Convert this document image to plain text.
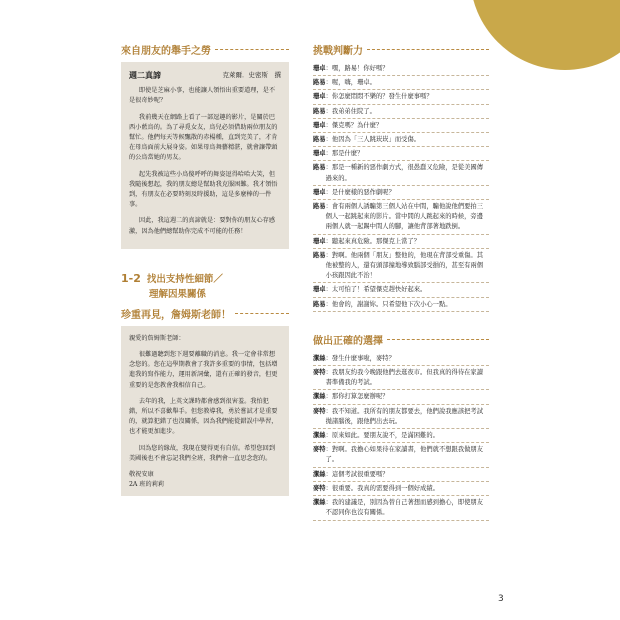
來自朋友的舉手之勞
週二真諦	克萊爾．史密斯　撰

即使是芝麻小事，也能讓人領悟出重要道理，是不是很奇妙呢？

我前幾天在網路上看了一部逗趣的影片，是關於巴西小藍鳥的。為了尋覓女友，鳥兒必須借助兩位朋友的幫忙。他們每天等候飄散的赤楊種，直到完美了，才肯在母鳥面前大展身姿。如果母鳥舞藝精湛，就會讓帶頭的公鳥當她的男友。

起先我被這些小鳥傻呼呼的舞姿逗得哈哈大笑，但我隨後想起，我的朋友總是幫助我克服困難。我才領悟到，有朋友在必要時刻及時援助，這是多麼棒的一件事。

因此，我這週二的真諦就是：要對你的朋友心存感激，因為他們總幫助你完成不可能的任務！

1-2 找出支持性細節／
理解因果關係
珍重再見，詹姆斯老師！

親愛的詹姆斯老師：

很難過聽到您下週要離職的消息。我一定會非常想念您的。您在這學期教會了我許多重要的事情，包括增進我的寫作能力，運用新詞彙，還有正確的發音，但更重要的是您教會我相信自己。

去年的我，上英文課時都會感到很害羞。我怕犯錯，所以不喜歡舉手。但您教導我，勇於嘗試才是重要的，就算犯錯了也沒關係，因為我們能從錯誤中學習，也才能更加進步。

因為您的緣故，我現在變得更有自信。希望您回到美國後也不會忘記我們全班，我們會一直思念您的。

敬祝安康

2A 班的莉莉

挑戰判斷力
珊卓 ：嘿，路易！你好嗎？
路易 ：喔，嗨，珊卓。
珊卓 ：你怎麼悶悶不樂的？發生什麼事嗎？
路易 ：我弟弟住院了。
珊卓 ：傑克嗎？為什麼？
路易 ：他因為「三人跳崁崁」而受傷。
珊卓 ：那是什麼？
路易 ：那是一種新的惡作劇方式，很愚蠢又危險，是從美國傳過來的。
珊卓 ：是什麼樣的惡作劇呢？
路易 ：會有兩個人誘騙第三個人站在中間，騙他說他們要拍三個人一起跳起來的影片。當中間的人跳起來的時候，旁邊兩個人就一起踢中間人的腳，讓他背部著地跌倒。
珊卓 ：聽起來真危險。那傑克上當了？
路易 ：對啊。他兩個「朋友」整他的，他現在背部受重傷。其他被整的人，還有頭部撞地導致腦部受損的，甚至有兩個小孩跟因此不治！
珊卓 ：太可怕了！希望傑克趕快好起來。
路易 ：他會的，謝謝妳。只希望他下次小心一點。
做出正確的選擇
潔絲 ：發生什麼事啦，麥特？
麥特 ：我朋友約我今晚跟他們去逛夜市。但我真的得待在家讀書準備我的考試。
潔絲 ：那你打算怎麼辦呢？
麥特 ：我不知道。我所有的朋友都要去，他們說我應該把考試拋諸腦後，跟他們出去玩。
潔絲 ：原來如此。要朋友說不，是滿困難的。
麥特 ：對啊。我擔心如果待在家讀書，他們就不想跟我做朋友了。
潔絲 ：這個考試很重要嗎？
麥特 ：很重要。我真的需要得到一個好成績。
潔絲 ：我的建議是，別因為替自己著想而感到擔心，即使朋友不認同你也沒有關係。
3
